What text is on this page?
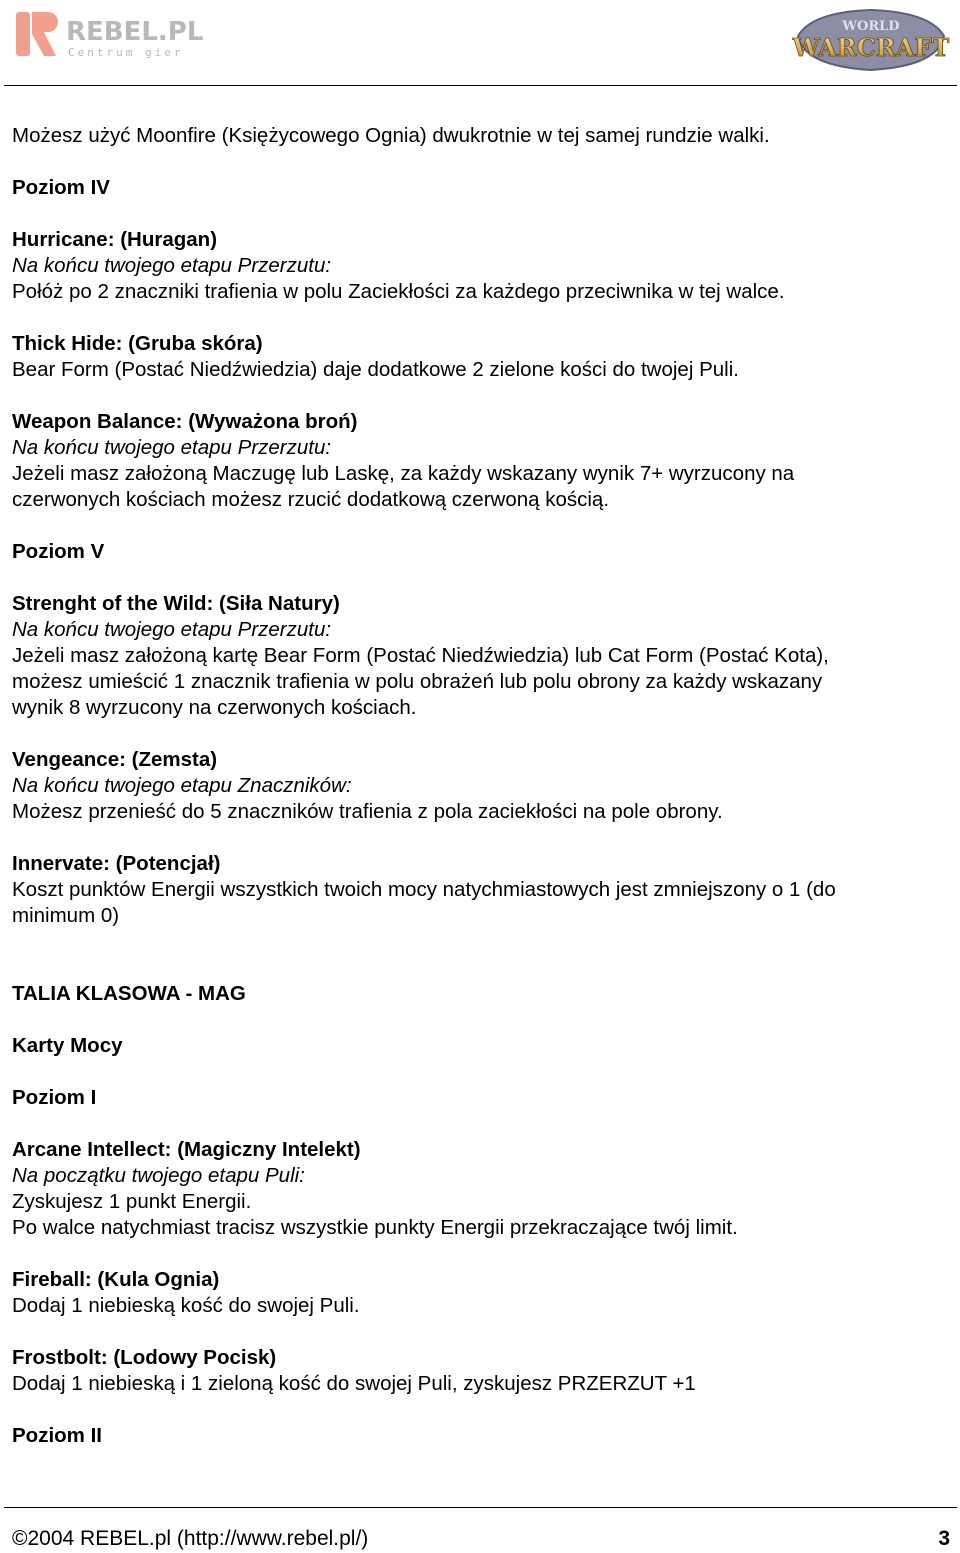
REBEL.PL
Centrum gier
WORLD
WARCRAFT
Możesz użyć Moonfire (Księżycowego Ognia) dwukrotnie w tej samej rundzie walki.
Poziom IV
Hurricane: (Huragan)
Na końcu twojego etapu Przerzutu:
Połóż po 2 znaczniki trafienia w polu Zaciekłości za każdego przeciwnika w tej walce.
Thick Hide: (Gruba skóra)
Bear Form (Postać Niedźwiedzia) daje dodatkowe 2 zielone kości do twojej Puli.
Weapon Balance: (Wyważona broń)
Na końcu twojego etapu Przerzutu:
Jeżeli masz założoną Maczugę lub Laskę, za każdy wskazany wynik 7+ wyrzucony na
czerwonych kościach możesz rzucić dodatkową czerwoną kością.
Poziom V
Strenght of the Wild: (Siła Natury)
Na końcu twojego etapu Przerzutu:
Jeżeli masz założoną kartę Bear Form (Postać Niedźwiedzia) lub Cat Form (Postać Kota),
możesz umieścić 1 znacznik trafienia w polu obrażeń lub polu obrony za każdy wskazany
wynik 8 wyrzucony na czerwonych kościach.
Vengeance: (Zemsta)
Na końcu twojego etapu Znaczników:
Możesz przenieść do 5 znaczników trafienia z pola zaciekłości na pole obrony.
Innervate: (Potencjał)
Koszt punktów Energii wszystkich twoich mocy natychmiastowych jest zmniejszony o 1 (do
minimum 0)
TALIA KLASOWA - MAG
Karty Mocy
Poziom I
Arcane Intellect: (Magiczny Intelekt)
Na początku twojego etapu Puli:
Zyskujesz 1 punkt Energii.
Po walce natychmiast tracisz wszystkie punkty Energii przekraczające twój limit.
Fireball: (Kula Ognia)
Dodaj 1 niebieską kość do swojej Puli.
Frostbolt: (Lodowy Pocisk)
Dodaj 1 niebieską i 1 zieloną kość do swojej Puli, zyskujesz PRZERZUT +1
Poziom II
©2004 REBEL.pl (http://www.rebel.pl/)	3
